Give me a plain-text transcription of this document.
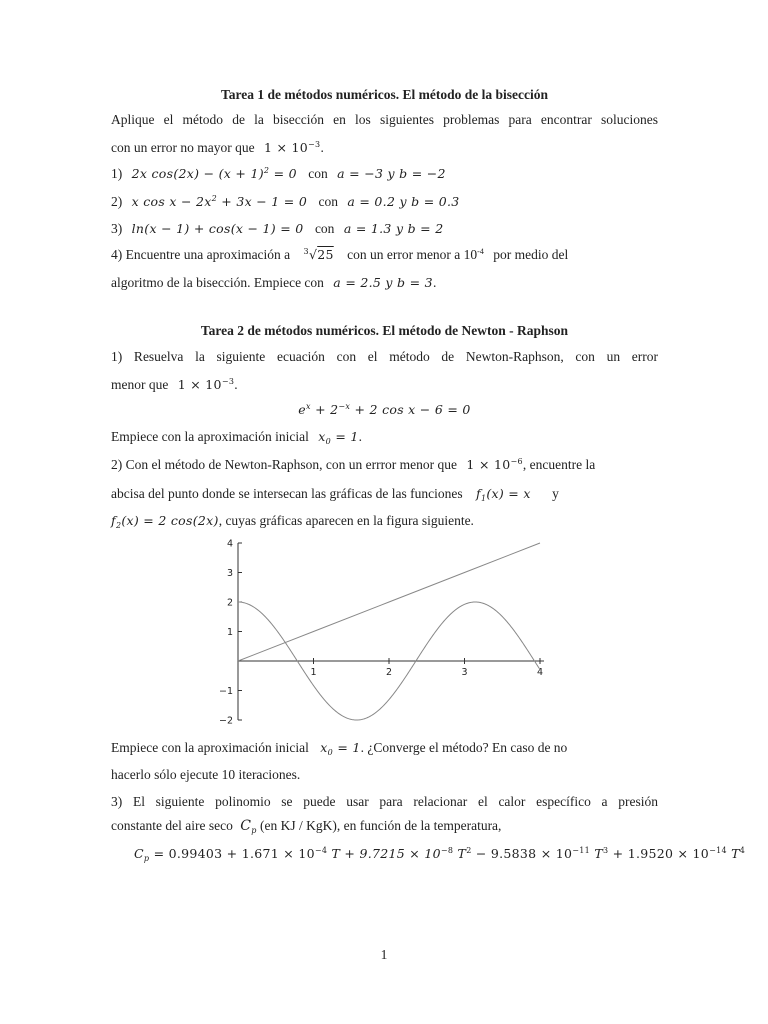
Tarea 1 de métodos numéricos. El método de la bisección
Aplique el método de la bisección en los siguientes problemas para encontrar soluciones
con un error no mayor que $1 \times 10^{-3}$.
1) 2x $\cos(2x) - (x + 1)^2 = 0$ con a = −3 y b = −2
2) x $\cos x - 2x^2 + 3x - 1 = 0$ con a = 0.2 y b = 0.3
3) ln(x − 1) + cos(x − 1) = 0 con a = 1.3 y b = 2
4) Encuentre una aproximación a $^3$√25 con un error menor a $10^{-4}$ por medio del
algoritmo de la bisección. Empiece con a = 2.5 y b = 3.
Tarea 2 de métodos numéricos. El método de Newton - Raphson
1) Resuelva la siguiente ecuación con el método de Newton-Raphson, con un error
menor que $1 \times 10^{-3}$.
$e^x + 2^{-x} + 2$ cos x − 6 = 0
Empiece con la aproximación inicial $x_0 = 1$.
2) Con el método de Newton-Raphson, con un errror menor que $1 \times 10^{-6}$, encuentre la
abcisa del punto donde se intersecan las gráficas de las funciones $f_1(x) = x$ y
$f_2(x) = 2$ cos(2x), cuyas gráficas aparecen en la figura siguiente.
1	2	3	4
−2
−1
1
2
3
4
Empiece con la aproximación inicial $x_0 = 1$. ¿Converge el método? En caso de no
hacerlo sólo ejecute 10 iteraciones.
3) El siguiente polinomio se puede usar para relacionar el calor específico a presión
constante del aire seco $C_p$ (en KJ / KgK), en función de la temperatura,
$C_p = 0.99403 + 1.671 \times 10^{-4}$ $T + 9.7215 \times 10^{-8}$ $T^2 - 9.5838 \times 10^{-11}$ $T^3 + 1.9520 \times 10^{-14}$ $T^4$
1
